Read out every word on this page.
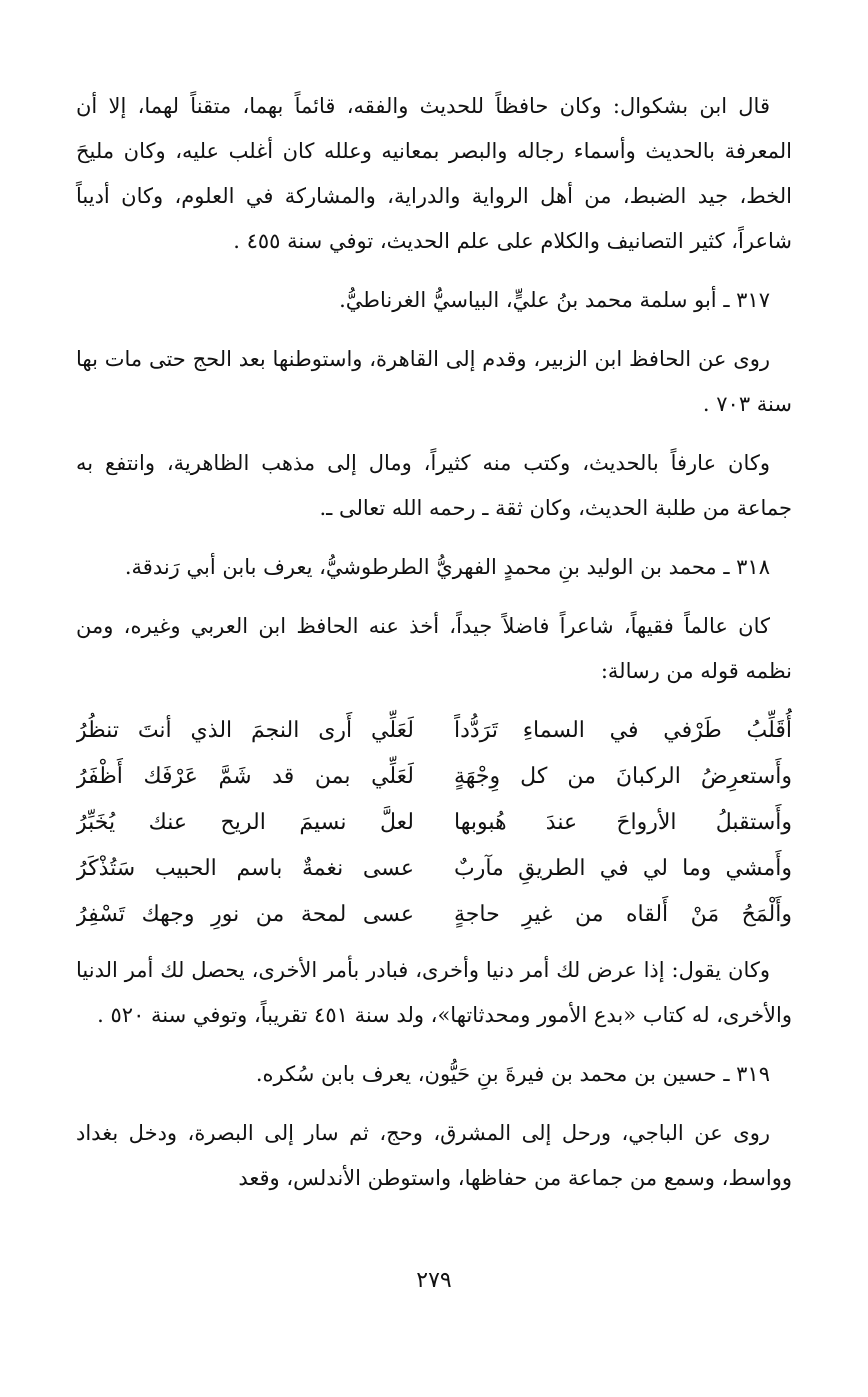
قال ابن بشكوال: وكان حافظاً للحديث والفقه، قائماً بهما، متقناً لهما، إلا أن المعرفة بالحديث وأسماء رجاله والبصر بمعانيه وعلله كان أغلب عليه، وكان مليحَ الخط، جيد الضبط، من أهل الرواية والدراية، والمشاركة في العلوم، وكان أديباً شاعراً، كثير التصانيف والكلام على علم الحديث، توفي سنة ٤٥٥ .

٣١٧ ـ أبو سلمة محمد بنُ عليٍّ، البياسيُّ الغرناطيُّ.

روى عن الحافظ ابن الزبير، وقدم إلى القاهرة، واستوطنها بعد الحج حتى مات بها سنة ٧٠٣ .

وكان عارفاً بالحديث، وكتب منه كثيراً، ومال إلى مذهب الظاهرية، وانتفع به جماعة من طلبة الحديث، وكان ثقة ـ رحمه الله تعالى ـ.

٣١٨ ـ محمد بن الوليد بنِ محمدٍ الفهريُّ الطرطوشيُّ، يعرف بابن أبي رَندقة.

كان عالماً فقيهاً، شاعراً فاضلاً جيداً، أخذ عنه الحافظ ابن العربي وغيره، ومن نظمه قوله من رسالة:

أُقَلِّبُ طَرْفي في السماءِ تَرَدُّداً
لَعَلِّي أَرى النجمَ الذي أنتَ تنظُرُ
وأَستعرِضُ الركبانَ من كل وِجْهَةٍ
لَعَلِّي بمن قد شَمَّ عَرْفَك أَظْفَرُ
وأَستقبلُ الأرواحَ عندَ هُبوبها
لعلَّ نسيمَ الريح عنك يُخَبِّرُ
وأَمشي وما لي في الطريقِ مآربٌ
عسى نغمةٌ باسم الحبيب سَتُذْكَرُ
وأَلْمَحُ مَنْ أَلقاه من غيرِ حاجةٍ
عسى لمحة من نورِ وجهك تَسْفِرُ

وكان يقول: إذا عرض لك أمر دنيا وأخرى، فبادر بأمر الأخرى، يحصل لك أمر الدنيا والأخرى، له كتاب «بدع الأمور ومحدثاتها»، ولد سنة ٤٥١ تقريباً، وتوفي سنة ٥٢٠ .

٣١٩ ـ حسين بن محمد بن فيرةَ بنِ حَيُّون، يعرف بابن سُكره.

روى عن الباجي، ورحل إلى المشرق، وحج، ثم سار إلى البصرة، ودخل بغداد وواسط، وسمع من جماعة من حفاظها، واستوطن الأندلس، وقعد

٢٧٩
